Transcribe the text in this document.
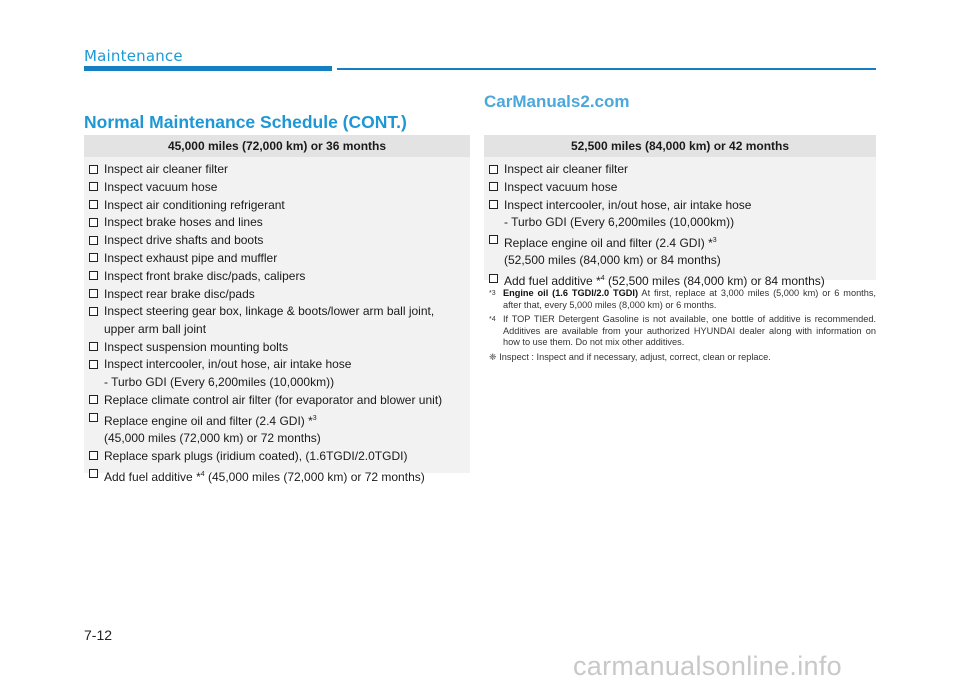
Maintenance
CarManuals2.com
Normal Maintenance Schedule (CONT.)
45,000 miles (72,000 km) or 36 months
Inspect air cleaner filter
Inspect vacuum hose
Inspect air conditioning refrigerant
Inspect brake hoses and lines
Inspect drive shafts and boots
Inspect exhaust pipe and muffler
Inspect front brake disc/pads, calipers
Inspect rear brake disc/pads
Inspect steering gear box, linkage & boots/lower arm ball joint,
upper arm ball joint
Inspect suspension mounting bolts
Inspect intercooler, in/out hose, air intake hose
- Turbo GDI (Every 6,200miles (10,000km))
Replace climate control air filter (for evaporator and blower unit)
Replace engine oil and filter (2.4 GDI) *$^3$
(45,000 miles (72,000 km) or 72 months)
Replace spark plugs (iridium coated), (1.6TGDI/2.0TGDI)
Add fuel additive *$^4$ (45,000 miles (72,000 km) or 72 months)
52,500 miles (84,000 km) or 42 months
Inspect air cleaner filter
Inspect vacuum hose
Inspect intercooler, in/out hose, air intake hose
- Turbo GDI (Every 6,200miles (10,000km))
Replace engine oil and filter (2.4 GDI) *$^3$
(52,500 miles (84,000 km) or 84 months)
Add fuel additive *$^4$ (52,500 miles (84,000 km) or 84 months)
*3 Engine oil (1.6 TGDI/2.0 TGDI) At first, replace at 3,000 miles (5,000 km) or 6 months, after that, every 5,000 miles (8,000 km) or 6 months.
*4 If TOP TIER Detergent Gasoline is not available, one bottle of additive is recommended. Additives are available from your authorized HYUNDAI dealer along with information on how to use them. Do not mix other additives.
❈ Inspect : Inspect and if necessary, adjust, correct, clean or replace.
7-12
carmanualsonline.info
